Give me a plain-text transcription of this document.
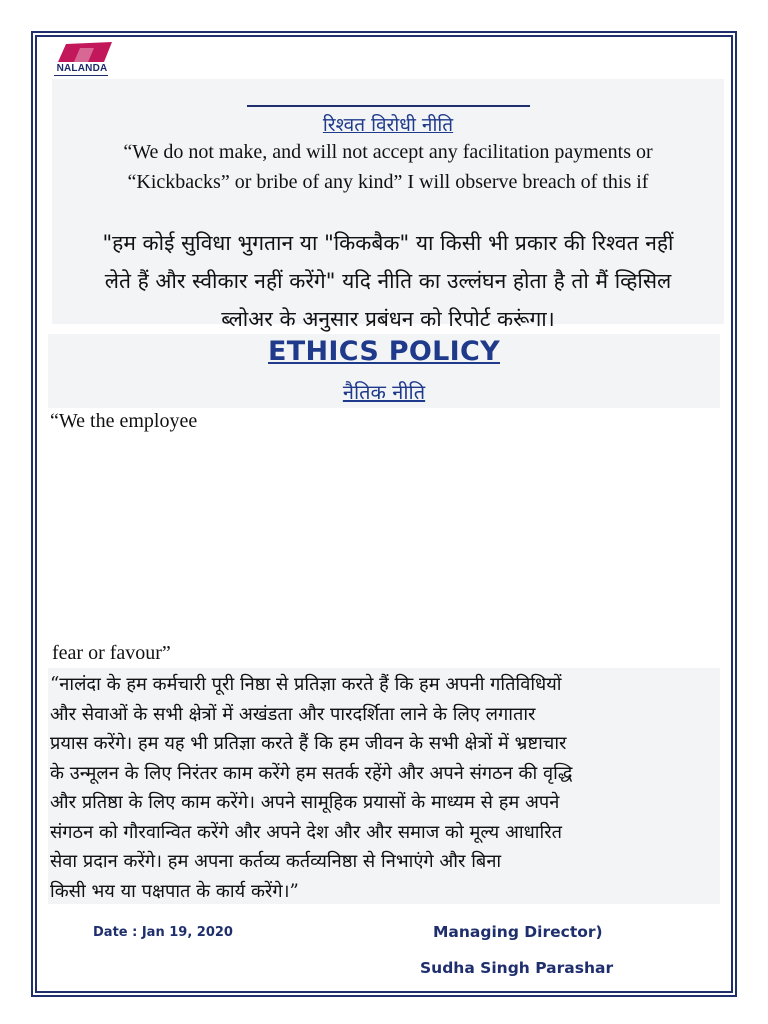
NALANDA
रिश्वत विरोधी नीति
“We do not make, and will not accept any facilitation payments or
“Kickbacks” or bribe of any kind” I will observe breach of this if
"हम कोई सुविधा भुगतान या "किकबैक" या किसी भी प्रकार की रिश्वत नहीं
लेते हैं और स्वीकार नहीं करेंगे" यदि नीति का उल्लंघन होता है तो मैं व्हिसिल
ब्लोअर के अनुसार प्रबंधन को रिपोर्ट करूंगा।
ETHICS POLICY
नैतिक नीति
“We the employee
fear or favour”
“नालंदा के हम कर्मचारी पूरी निष्ठा से प्रतिज्ञा करते हैं कि हम अपनी गतिविधियों
और सेवाओं के सभी क्षेत्रों में अखंडता और पारदर्शिता लाने के लिए लगातार
प्रयास करेंगे। हम यह भी प्रतिज्ञा करते हैं कि हम जीवन के सभी क्षेत्रों में भ्रष्टाचार
के उन्मूलन के लिए निरंतर काम करेंगे हम सतर्क रहेंगे और अपने संगठन की वृद्धि
और प्रतिष्ठा के लिए काम करेंगे। अपने सामूहिक प्रयासों के माध्यम से हम अपने
संगठन को गौरवान्वित करेंगे और अपने देश और और समाज को मूल्य आधारित
सेवा प्रदान करेंगे। हम अपना कर्तव्य कर्तव्यनिष्ठा से निभाएंगे और बिना
किसी भय या पक्षपात के कार्य करेंगे।”
Date : Jan 19, 2020	Managing Director)
Sudha Singh Parashar
